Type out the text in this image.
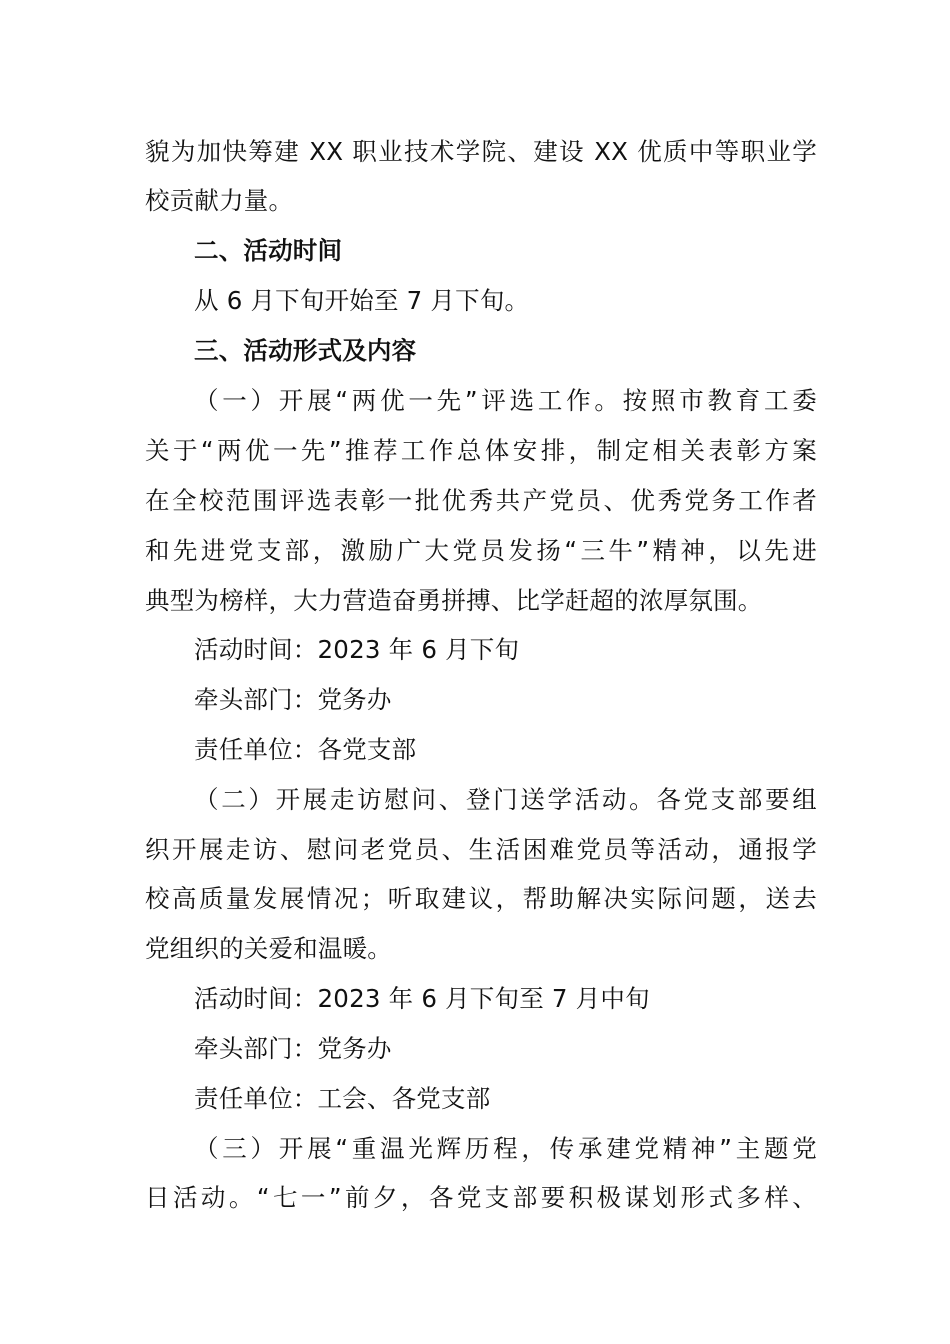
貌为加快筹建 XX 职业技术学院、建设 XX 优质中等职业学
校贡献力量。
二、活动时间
从 6 月下旬开始至 7 月下旬。
三、活动形式及内容
（一）开展“两优一先”评选工作。按照市教育工委
关于“两优一先”推荐工作总体安排，制定相关表彰方案
在全校范围评选表彰一批优秀共产党员、优秀党务工作者
和先进党支部，激励广大党员发扬“三牛”精神，以先进
典型为榜样，大力营造奋勇拼搏、比学赶超的浓厚氛围。
活动时间：2023 年 6 月下旬
牵头部门：党务办
责任单位：各党支部
（二）开展走访慰问、登门送学活动。各党支部要组
织开展走访、慰问老党员、生活困难党员等活动，通报学
校高质量发展情况；听取建议，帮助解决实际问题，送去
党组织的关爱和温暖。
活动时间：2023 年 6 月下旬至 7 月中旬
牵头部门：党务办
责任单位：工会、各党支部
（三）开展“重温光辉历程，传承建党精神”主题党
日活动。“七一”前夕，各党支部要积极谋划形式多样、
